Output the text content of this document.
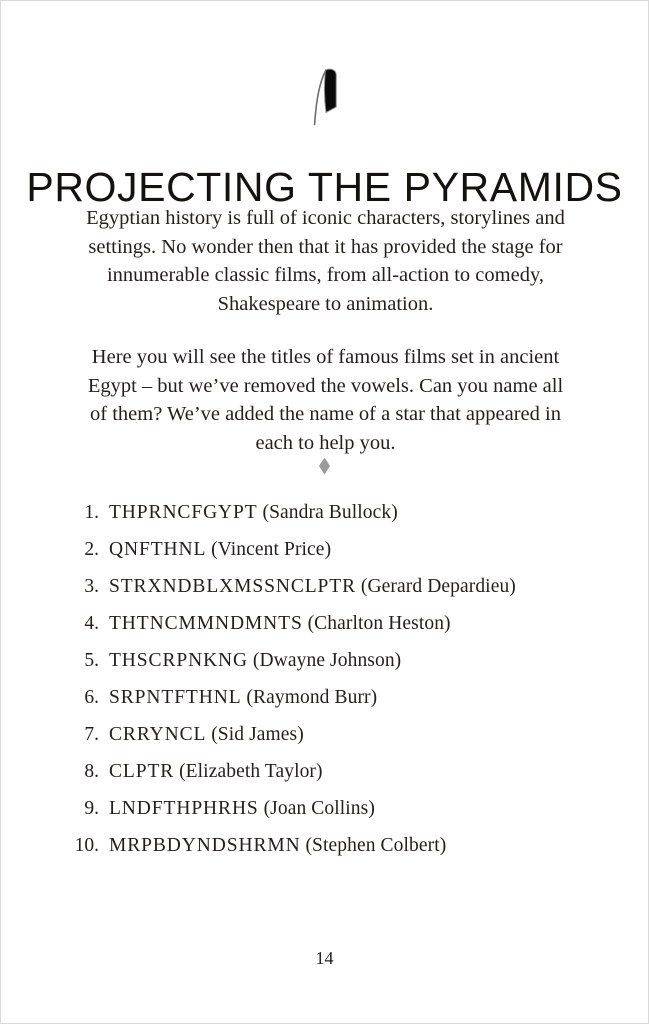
PROJECTING THE PYRAMIDS

Egyptian history is full of iconic characters, storylines and settings. No wonder then that it has provided the stage for innumerable classic films, from all-action to comedy, Shakespeare to animation.

Here you will see the titles of famous films set in ancient Egypt – but we’ve removed the vowels. Can you name all of them? We’ve added the name of a star that appeared in each to help you.

1. THPRNCFGYPT (Sandra Bullock)
2. QNFTHNL (Vincent Price)
3. STRXNDBLXMSSNCLPTR (Gerard Depardieu)
4. THTNCMMNDMNTS (Charlton Heston)
5. THSCRPNKNG (Dwayne Johnson)
6. SRPNTFTHNL (Raymond Burr)
7. CRRYNCL (Sid James)
8. CLPTR (Elizabeth Taylor)
9. LNDFTHPHRHS (Joan Collins)
10. MRPBDYNDSHRMN (Stephen Colbert)
14
